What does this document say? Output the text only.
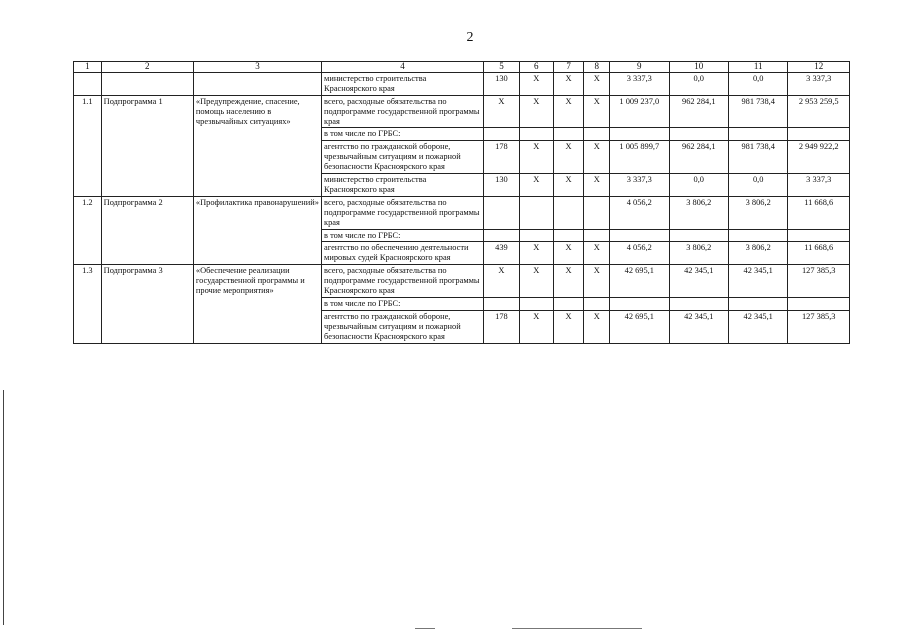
2
1	2	3	4	5	6	7	8	9	10	11	12
			министерство строительства Красноярского края	130	Х	Х	Х	3 337,3	0,0	0,0	3 337,3
1.1	Подпрограмма 1	«Предупреждение, спасение, помощь населению в чрезвычайных ситуациях»	всего, расходные обязательства по подпрограмме государственной программы края	Х	Х	Х	Х	1 009 237,0	962 284,1	981 738,4	2 953 259,5
			в том числе по ГРБС:								
			агентство по гражданской обороне, чрезвычайным ситуациям и пожарной безопасности Красноярского края	178	Х	Х	Х	1 005 899,7	962 284,1	981 738,4	2 949 922,2
			министерство строительства Красноярского края	130	Х	Х	Х	3 337,3	0,0	0,0	3 337,3
1.2	Подпрограмма 2	«Профилактика правонарушений»	всего, расходные обязательства по подпрограмме государственной программы края					4 056,2	3 806,2	3 806,2	11 668,6
			в том числе по ГРБС:								
			агентство по обеспечению деятельности мировых судей Красноярского края	439	Х	Х	Х	4 056,2	3 806,2	3 806,2	11 668,6
1.3	Подпрограмма 3	«Обеспечение реализации государственной программы и прочие мероприятия»	всего, расходные обязательства по подпрограмме государственной программы Красноярского края	Х	Х	Х	Х	42 695,1	42 345,1	42 345,1	127 385,3
			в том числе по ГРБС:								
			агентство по гражданской обороне, чрезвычайным ситуациям и пожарной безопасности Красноярского края	178	Х	Х	Х	42 695,1	42 345,1	42 345,1	127 385,3
